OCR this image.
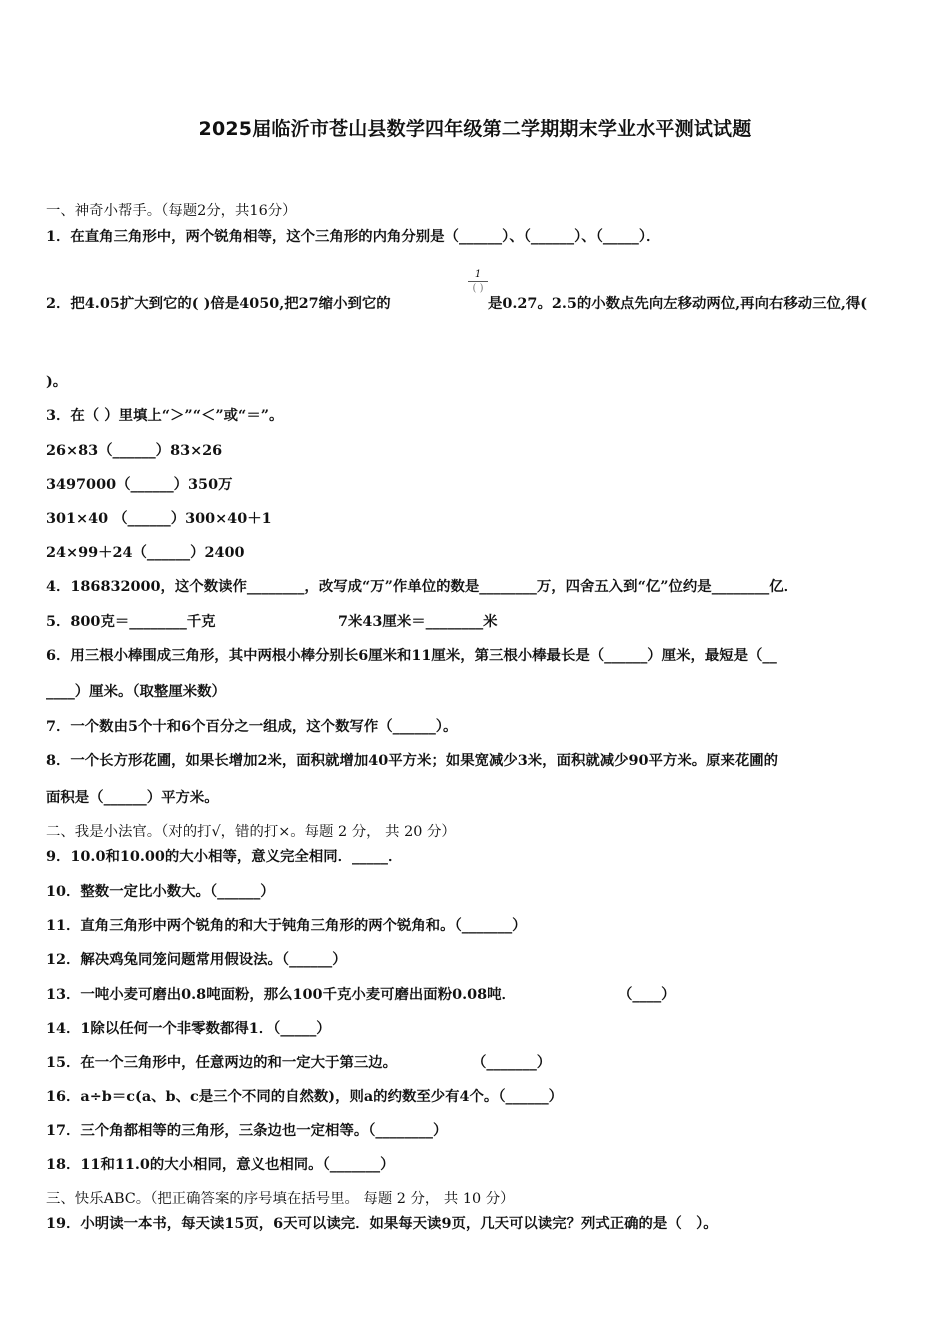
2025届临沂市苍山县数学四年级第二学期期末学业水平测试试题
一、神奇小帮手。（每题2分，共16分）
1．在直角三角形中，两个锐角相等，这个三角形的内角分别是（______）、（______）、（_____）．
2．把4.05扩大到它的( )倍是4050,把27缩小到它的
1
( )
是0.27。2.5的小数点先向左移动两位,再向右移动三位,得(
)。
3．在（ ）里填上“＞”“＜”或“＝”。
26×83（______）83×26
3497000（______）350万
301×40 （______）300×40＋1
24×99＋24（______）2400
4．186832000，这个数读作________，改写成“万”作单位的数是________万，四舍五入到“亿”位约是________亿．
5．800克＝________千克	7米43厘米＝________米
6．用三根小棒围成三角形，其中两根小棒分别长6厘米和11厘米，第三根小棒最长是（______）厘米，最短是（__
____）厘米。（取整厘米数）
7．一个数由5个十和6个百分之一组成，这个数写作（______）。
8．一个长方形花圃，如果长增加2米，面积就增加40平方米；如果宽减少3米，面积就减少90平方米。原来花圃的
面积是（______）平方米。
二、我是小法官。（对的打√，错的打×。每题 2 分， 共 20 分）
9．10.0和10.00的大小相等，意义完全相同．_____．
10．整数一定比小数大。（______）
11．直角三角形中两个锐角的和大于钝角三角形的两个锐角和。（_______）
12．解决鸡兔同笼问题常用假设法。（______）
13．一吨小麦可磨出0.8吨面粉，那么100千克小麦可磨出面粉0.08吨．	（____）
14．1除以任何一个非零数都得1．（_____）
15．在一个三角形中，任意两边的和一定大于第三边。	（_______）
16．a÷b＝c(a、b、c是三个不同的自然数)，则a的约数至少有4个。（______）
17．三个角都相等的三角形，三条边也一定相等。（________）
18．11和11.0的大小相同，意义也相同。（_______）
三、快乐ABC。（把正确答案的序号填在括号里。 每题 2 分， 共 10 分）
19．小明读一本书，每天读15页，6天可以读完．如果每天读9页，几天可以读完？列式正确的是（　）。
